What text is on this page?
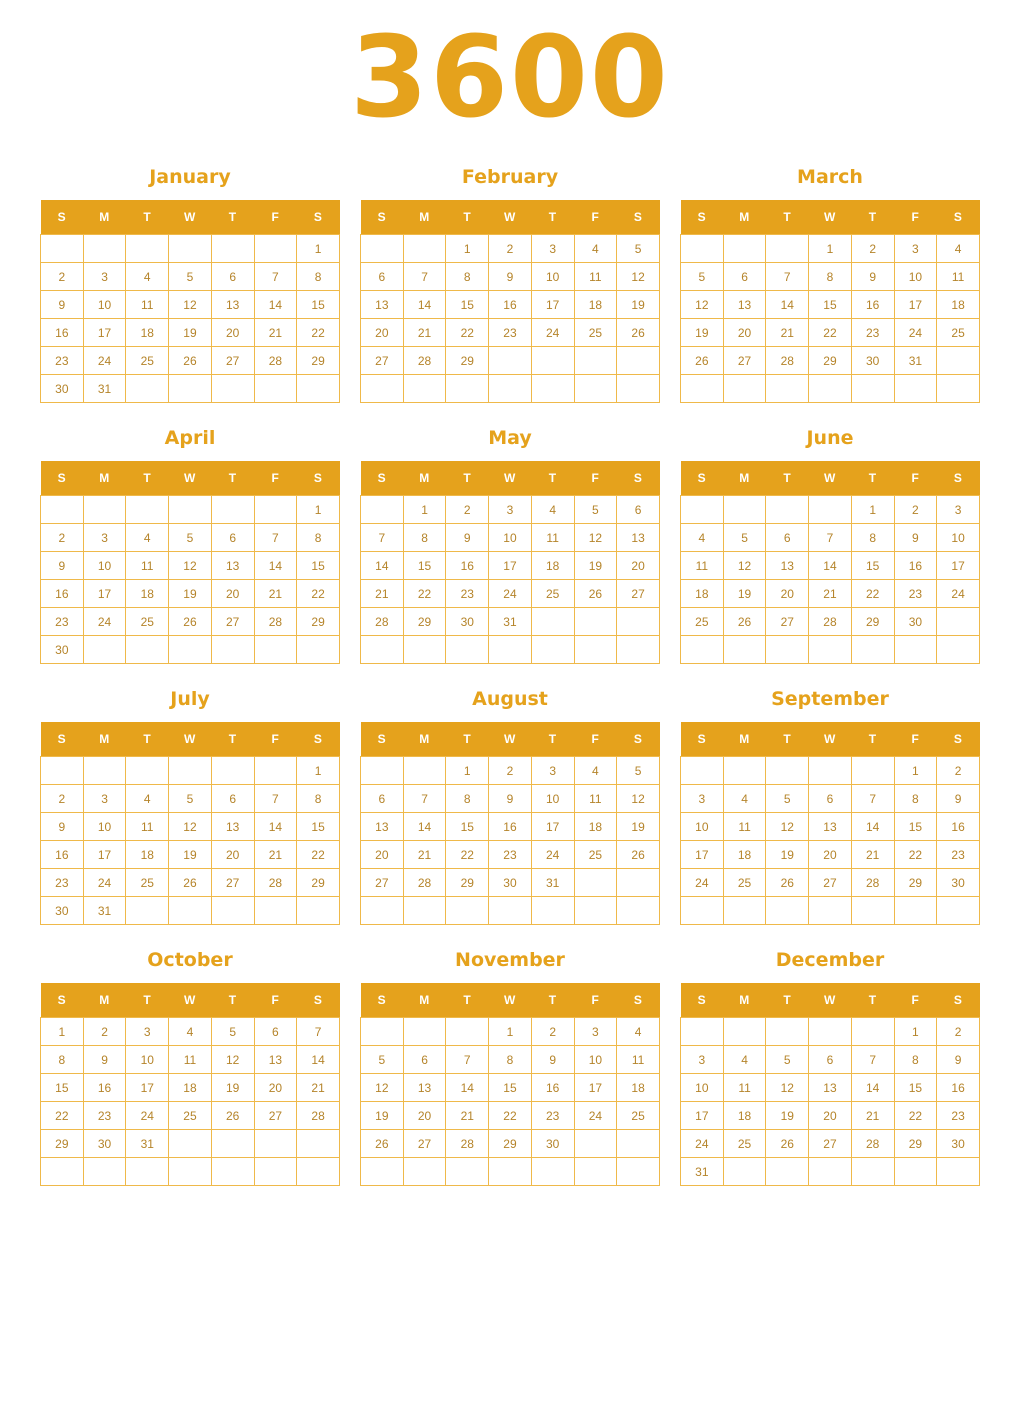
3600
January
S	M	T	W	T	F	S
						1
2	3	4	5	6	7	8
9	10	11	12	13	14	15
16	17	18	19	20	21	22
23	24	25	26	27	28	29
30	31					
February
S	M	T	W	T	F	S
		1	2	3	4	5
6	7	8	9	10	11	12
13	14	15	16	17	18	19
20	21	22	23	24	25	26
27	28	29				

March
S	M	T	W	T	F	S
			1	2	3	4
5	6	7	8	9	10	11
12	13	14	15	16	17	18
19	20	21	22	23	24	25
26	27	28	29	30	31	

April
S	M	T	W	T	F	S
						1
2	3	4	5	6	7	8
9	10	11	12	13	14	15
16	17	18	19	20	21	22
23	24	25	26	27	28	29
30						
May
S	M	T	W	T	F	S
	1	2	3	4	5	6
7	8	9	10	11	12	13
14	15	16	17	18	19	20
21	22	23	24	25	26	27
28	29	30	31			

June
S	M	T	W	T	F	S
				1	2	3
4	5	6	7	8	9	10
11	12	13	14	15	16	17
18	19	20	21	22	23	24
25	26	27	28	29	30	

July
S	M	T	W	T	F	S
						1
2	3	4	5	6	7	8
9	10	11	12	13	14	15
16	17	18	19	20	21	22
23	24	25	26	27	28	29
30	31					
August
S	M	T	W	T	F	S
		1	2	3	4	5
6	7	8	9	10	11	12
13	14	15	16	17	18	19
20	21	22	23	24	25	26
27	28	29	30	31		

September
S	M	T	W	T	F	S
					1	2
3	4	5	6	7	8	9
10	11	12	13	14	15	16
17	18	19	20	21	22	23
24	25	26	27	28	29	30

October
S	M	T	W	T	F	S
1	2	3	4	5	6	7
8	9	10	11	12	13	14
15	16	17	18	19	20	21
22	23	24	25	26	27	28
29	30	31				

November
S	M	T	W	T	F	S
			1	2	3	4
5	6	7	8	9	10	11
12	13	14	15	16	17	18
19	20	21	22	23	24	25
26	27	28	29	30		

December
S	M	T	W	T	F	S
					1	2
3	4	5	6	7	8	9
10	11	12	13	14	15	16
17	18	19	20	21	22	23
24	25	26	27	28	29	30
31						
